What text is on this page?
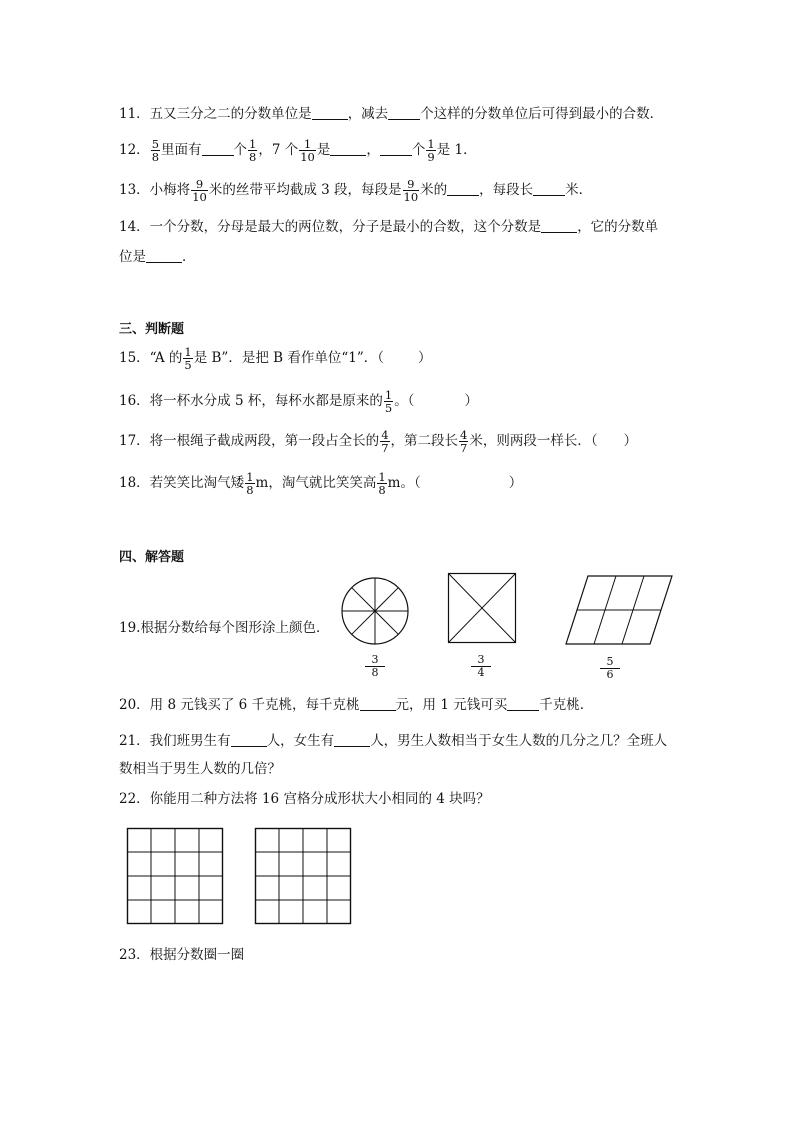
11．五又三分之二的分数单位是	，减去 个这样的分数单位后可得到最小的合数．
12． $\frac{5}{8}$ 里面有 个 $\frac{1}{8}$ ，7 个 $\frac{1}{10}$ 是	， 个 $\frac{1}{9}$ 是 1．
13．小梅将 $\frac{9}{10}$ 米的丝带平均截成 3 段，每段是 $\frac{9}{10}$ 米的 ，每段长 米．
14．一个分数，分母是最大的两位数，分子是最小的合数，这个分数是	，它的分数单
位是	．
三、判断题
15．“A 的 $\frac{1}{5}$ 是 B”．是把 B 看作单位“1”．（	）
16．将一杯水分成 5 杯，每杯水都是原来的 $\frac{1}{5}$ 。（	）
17．将一根绳子截成两段，第一段占全长的 $\frac{4}{7}$ ，第二段长 $\frac{4}{7}$ 米，则两段一样长．（ ）
18．若笑笑比淘气矮 $\frac{1}{8}$ m，淘气就比笑笑高 $\frac{1}{8}$ m。（	）
四、解答题
19.根据分数给每个图形涂上颜色．
3
8
3
4
5
6
20．用 8 元钱买了 6 千克桃，每千克桃	元，用 1 元钱可买 千克桃．
21．我们班男生有	人，女生有	人，男生人数相当于女生人数的几分之几？全班人
数相当于男生人数的几倍？
22．你能用二种方法将 16 宫格分成形状大小相同的 4 块吗？
23．根据分数圈一圈
